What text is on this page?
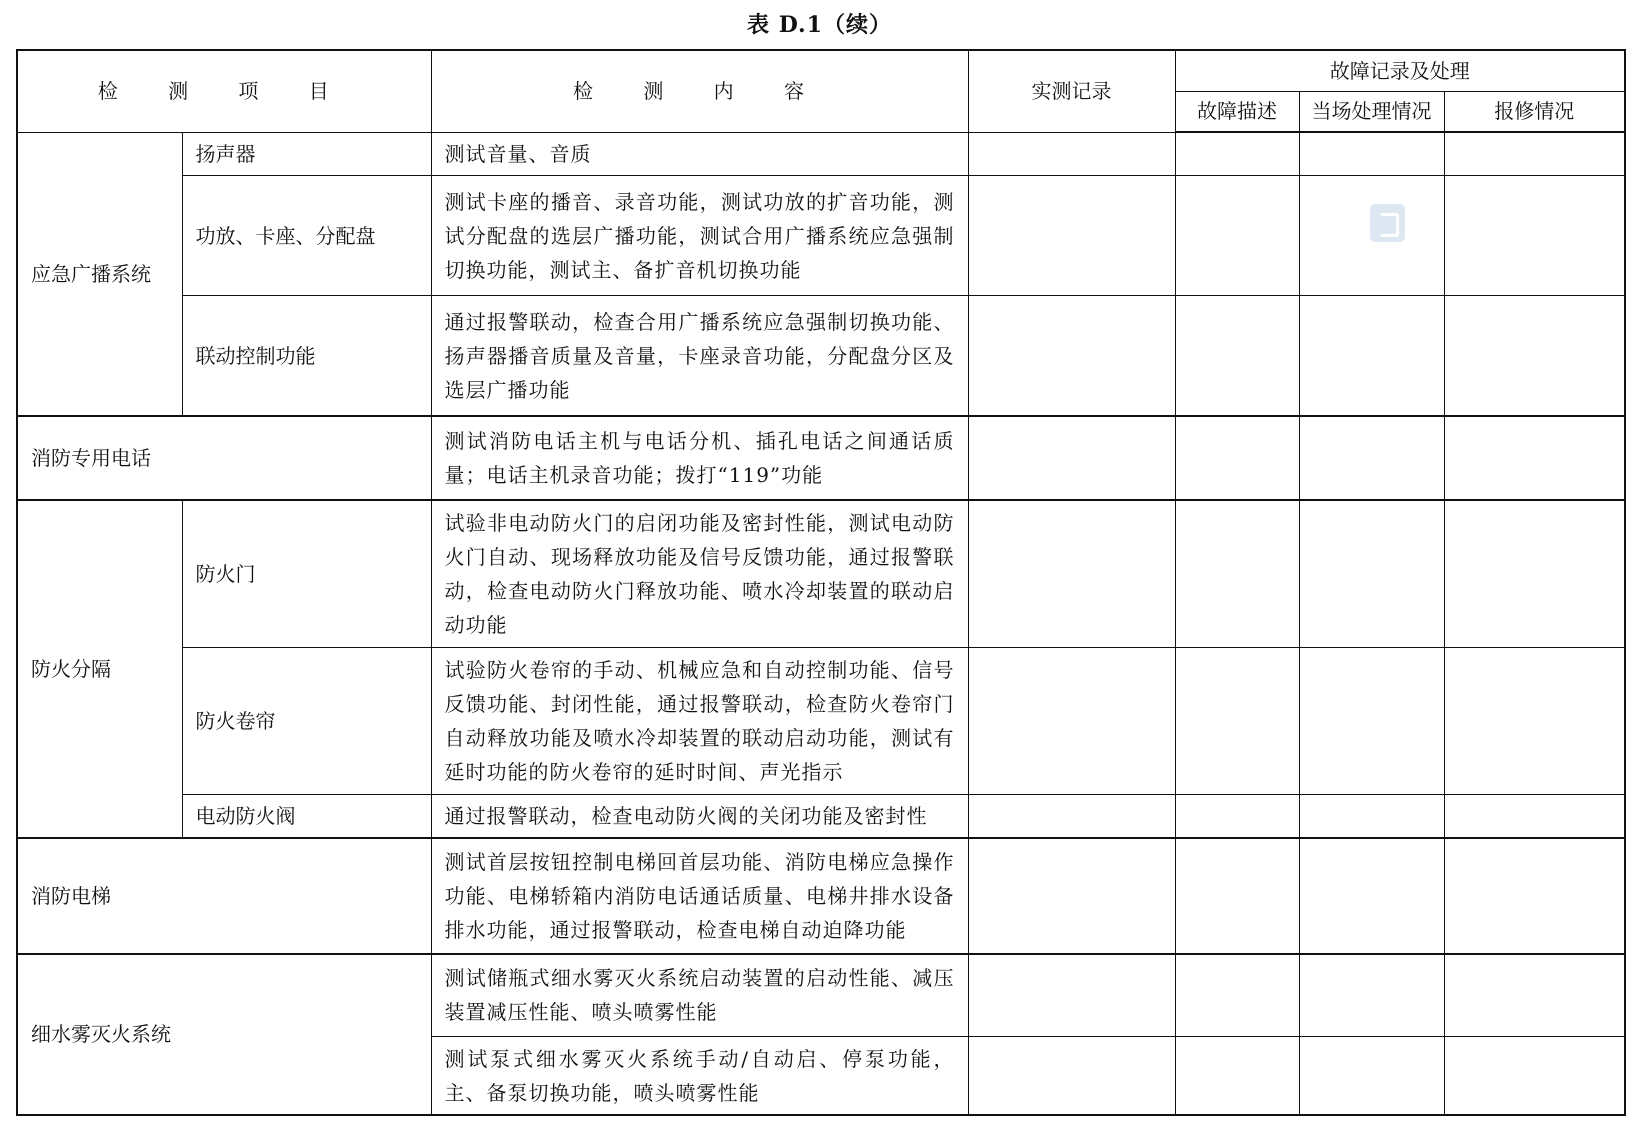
表 D.1（续）
检 测 项 目		检 测 内 容	实测记录	故障记录及处理		
				故障描述	当场处理情况	报修情况
应急广播系统	扬声器	测试音量、音质				
	功放、卡座、分配盘	测试卡座的播音、录音功能，测试功放的扩音功能，测试分配盘的选层广播功能，测试合用广播系统应急强制切换功能，测试主、备扩音机切换功能				
	联动控制功能	通过报警联动，检查合用广播系统应急强制切换功能、扬声器播音质量及音量，卡座录音功能，分配盘分区及选层广播功能				
消防专用电话		测试消防电话主机与电话分机、插孔电话之间通话质量；电话主机录音功能；拨打“119”功能				
防火分隔	防火门	试验非电动防火门的启闭功能及密封性能，测试电动防火门自动、现场释放功能及信号反馈功能，通过报警联动，检查电动防火门释放功能、喷水冷却装置的联动启动功能				
	防火卷帘	试验防火卷帘的手动、机械应急和自动控制功能、信号反馈功能、封闭性能，通过报警联动，检查防火卷帘门自动释放功能及喷水冷却装置的联动启动功能，测试有延时功能的防火卷帘的延时时间、声光指示				
	电动防火阀	通过报警联动，检查电动防火阀的关闭功能及密封性				
消防电梯		测试首层按钮控制电梯回首层功能、消防电梯应急操作功能、电梯轿箱内消防电话通话质量、电梯井排水设备排水功能，通过报警联动，检查电梯自动迫降功能				
细水雾灭火系统		测试储瓶式细水雾灭火系统启动装置的启动性能、减压装置减压性能、喷头喷雾性能				
		测试泵式细水雾灭火系统手动/自动启、停泵功能，主、备泵切换功能，喷头喷雾性能				
